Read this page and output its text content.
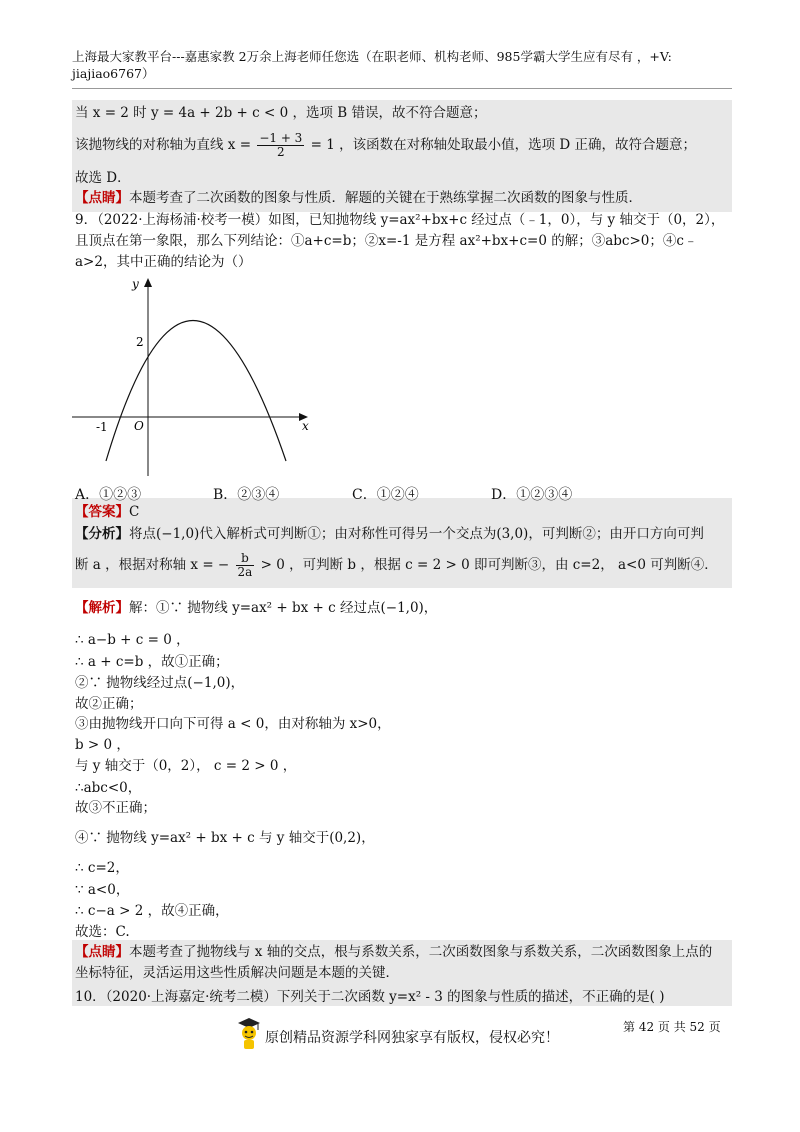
上海最大家教平台---嘉惠家教 2万余上海老师任您选（在职老师、机构老师、985学霸大学生应有尽有 ，+V: jiajiao6767）
当 x = 2 时 y = 4a + 2b + c < 0 ，选项 B 错误，故不符合题意；
该抛物线的对称轴为直线 $x = \frac{-1 + 3}{2} = 1$ ，该函数在对称轴处取最小值，选项 D 正确，故符合题意；
故选 D．
【点睛】本题考查了二次函数的图象与性质．解题的关键在于熟练掌握二次函数的图象与性质．
9．（2022·上海杨浦·校考一模）如图，已知抛物线 y=ax²+bx+c 经过点（﹣1，0），与 y 轴交于（0，2），且顶点在第一象限，那么下列结论：①a+c=b；②x=-1 是方程 ax²+bx+c=0 的解；③abc>0；④c﹣a>2，其中正确的结论为（）
y
x
O
-1
2
A．①②③	B．②③④	C．①②④	D．①②③④
【答案】C
【分析】将点(−1,0)代入解析式可判断①；由对称性可得另一个交点为(3,0)，可判断②；由开口方向可判
断 a ，根据对称轴 x = − $\frac{b}{2a} > 0$ ，可判断 b ，根据 c = 2 > 0 即可判断③，由 c=2， a<0 可判断④．
【解析】解：①∵ 抛物线 y=ax² + bx + c 经过点(−1,0)，
∴ a−b + c = 0 ，
∴ a + c=b ，故①正确；
②∵ 抛物线经过点(−1,0)，
故②正确；
③由抛物线开口向下可得 a < 0，由对称轴为 x>0，
b > 0 ，
与 y 轴交于（0，2）， c = 2 > 0 ，
∴abc<0，
故③不正确；
④∵ 抛物线 y=ax² + bx + c 与 y 轴交于(0,2)，
∴ c=2，
∵ a<0，
∴ c−a > 2 ，故④正确，
故选：C.
【点睛】本题考查了抛物线与 x 轴的交点，根与系数关系，二次函数图象与系数关系，二次函数图象上点的坐标特征，灵活运用这些性质解决问题是本题的关键．
10．（2020·上海嘉定·统考二模）下列关于二次函数 y=x² - 3 的图象与性质的描述，不正确的是( )
原创精品资源学科网独家享有版权，侵权必究！
第 42 页 共 52 页
